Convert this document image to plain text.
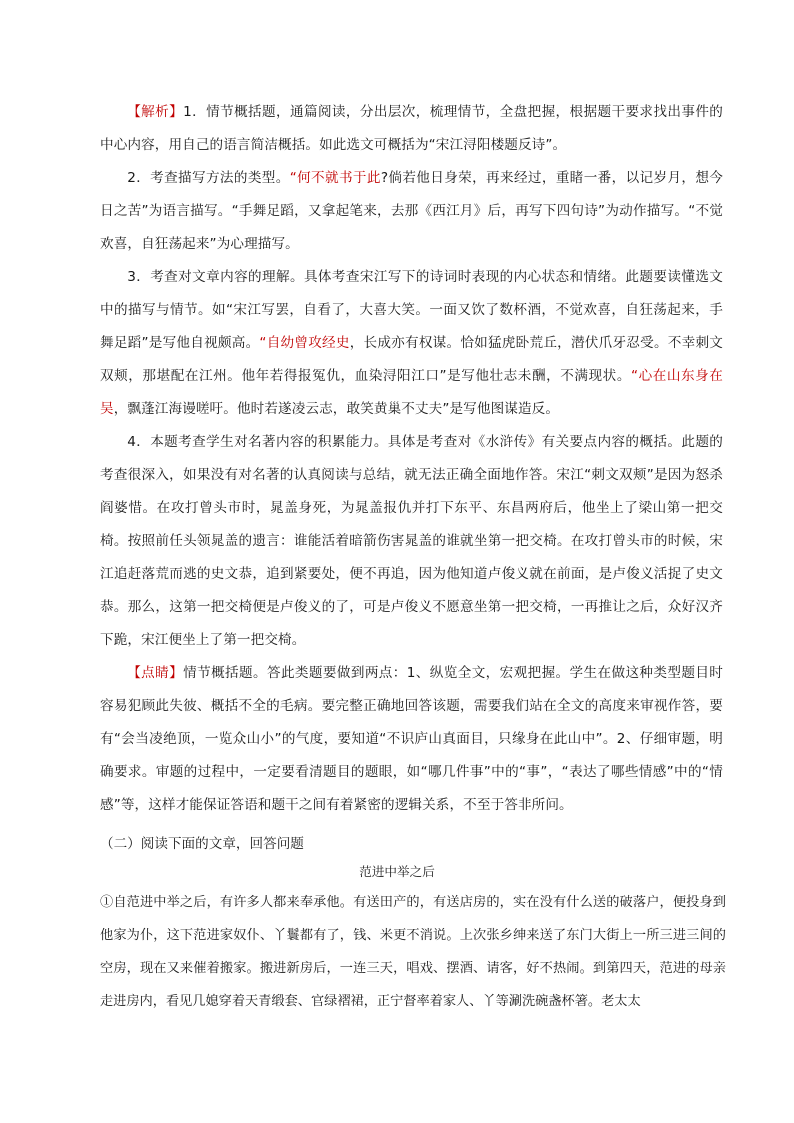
【解析】1．情节概括题，通篇阅读，分出层次，梳理情节，全盘把握，根据题干要求找出事件的中心内容，用自己的语言简洁概括。如此选文可概括为“宋江浔阳楼题反诗”。

2．考查描写方法的类型。“何不就书于此?倘若他日身荣，再来经过，重睹一番，以记岁月，想今日之苦”为语言描写。“手舞足蹈，又拿起笔来，去那《西江月》后，再写下四句诗”为动作描写。“不觉欢喜，自狂荡起来”为心理描写。

3．考查对文章内容的理解。具体考查宋江写下的诗词时表现的内心状态和情绪。此题要读懂选文中的描写与情节。如“宋江写罢，自看了，大喜大笑。一面又饮了数杯酒，不觉欢喜，自狂荡起来，手舞足蹈”是写他自视颇高。“自幼曾攻经史，长成亦有权谋。恰如猛虎卧荒丘，潜伏爪牙忍受。不幸刺文双颊，那堪配在江州。他年若得报冤仇，血染浔阳江口”是写他壮志未酬，不满现状。“心在山东身在吴，飘蓬江海谩嗟吁。他时若遂凌云志，敢笑黄巢不丈夫”是写他图谋造反。

4．本题考查学生对名著内容的积累能力。具体是考查对《水浒传》有关要点内容的概括。此题的考查很深入，如果没有对名著的认真阅读与总结，就无法正确全面地作答。宋江“刺文双颊”是因为怒杀阎婆惜。在攻打曾头市时，晁盖身死，为晁盖报仇并打下东平、东昌两府后，他坐上了梁山第一把交椅。按照前任头领晁盖的遗言：谁能活着暗箭伤害晁盖的谁就坐第一把交椅。在攻打曾头市的时候，宋江追赶落荒而逃的史文恭，追到紧要处，便不再追，因为他知道卢俊义就在前面，是卢俊义活捉了史文恭。那么，这第一把交椅便是卢俊义的了，可是卢俊义不愿意坐第一把交椅，一再推让之后，众好汉齐下跪，宋江便坐上了第一把交椅。

【点睛】情节概括题。答此类题要做到两点：1、纵览全文，宏观把握。学生在做这种类型题目时容易犯顾此失彼、概括不全的毛病。要完整正确地回答该题，需要我们站在全文的高度来审视作答，要有“会当凌绝顶，一览众山小”的气度，要知道“不识庐山真面目，只缘身在此山中”。2、仔细审题，明确要求。审题的过程中，一定要看清题目的题眼，如“哪几件事”中的“事”，“表达了哪些情感”中的“情感”等，这样才能保证答语和题干之间有着紧密的逻辑关系，不至于答非所问。

（二）阅读下面的文章，回答问题
范进中举之后

①自范进中举之后，有许多人都来奉承他。有送田产的，有送店房的，实在没有什么送的破落户，便投身到他家为仆，这下范进家奴仆、丫鬟都有了，钱、米更不消说。上次张乡绅来送了东门大街上一所三进三间的空房，现在又来催着搬家。搬进新房后，一连三天，唱戏、摆酒、请客，好不热闹。到第四天，范进的母亲走进房内，看见几媳穿着天青缎套、官绿褶裙，正宁督率着家人、丫等涮洗碗盏杯箸。老太太
